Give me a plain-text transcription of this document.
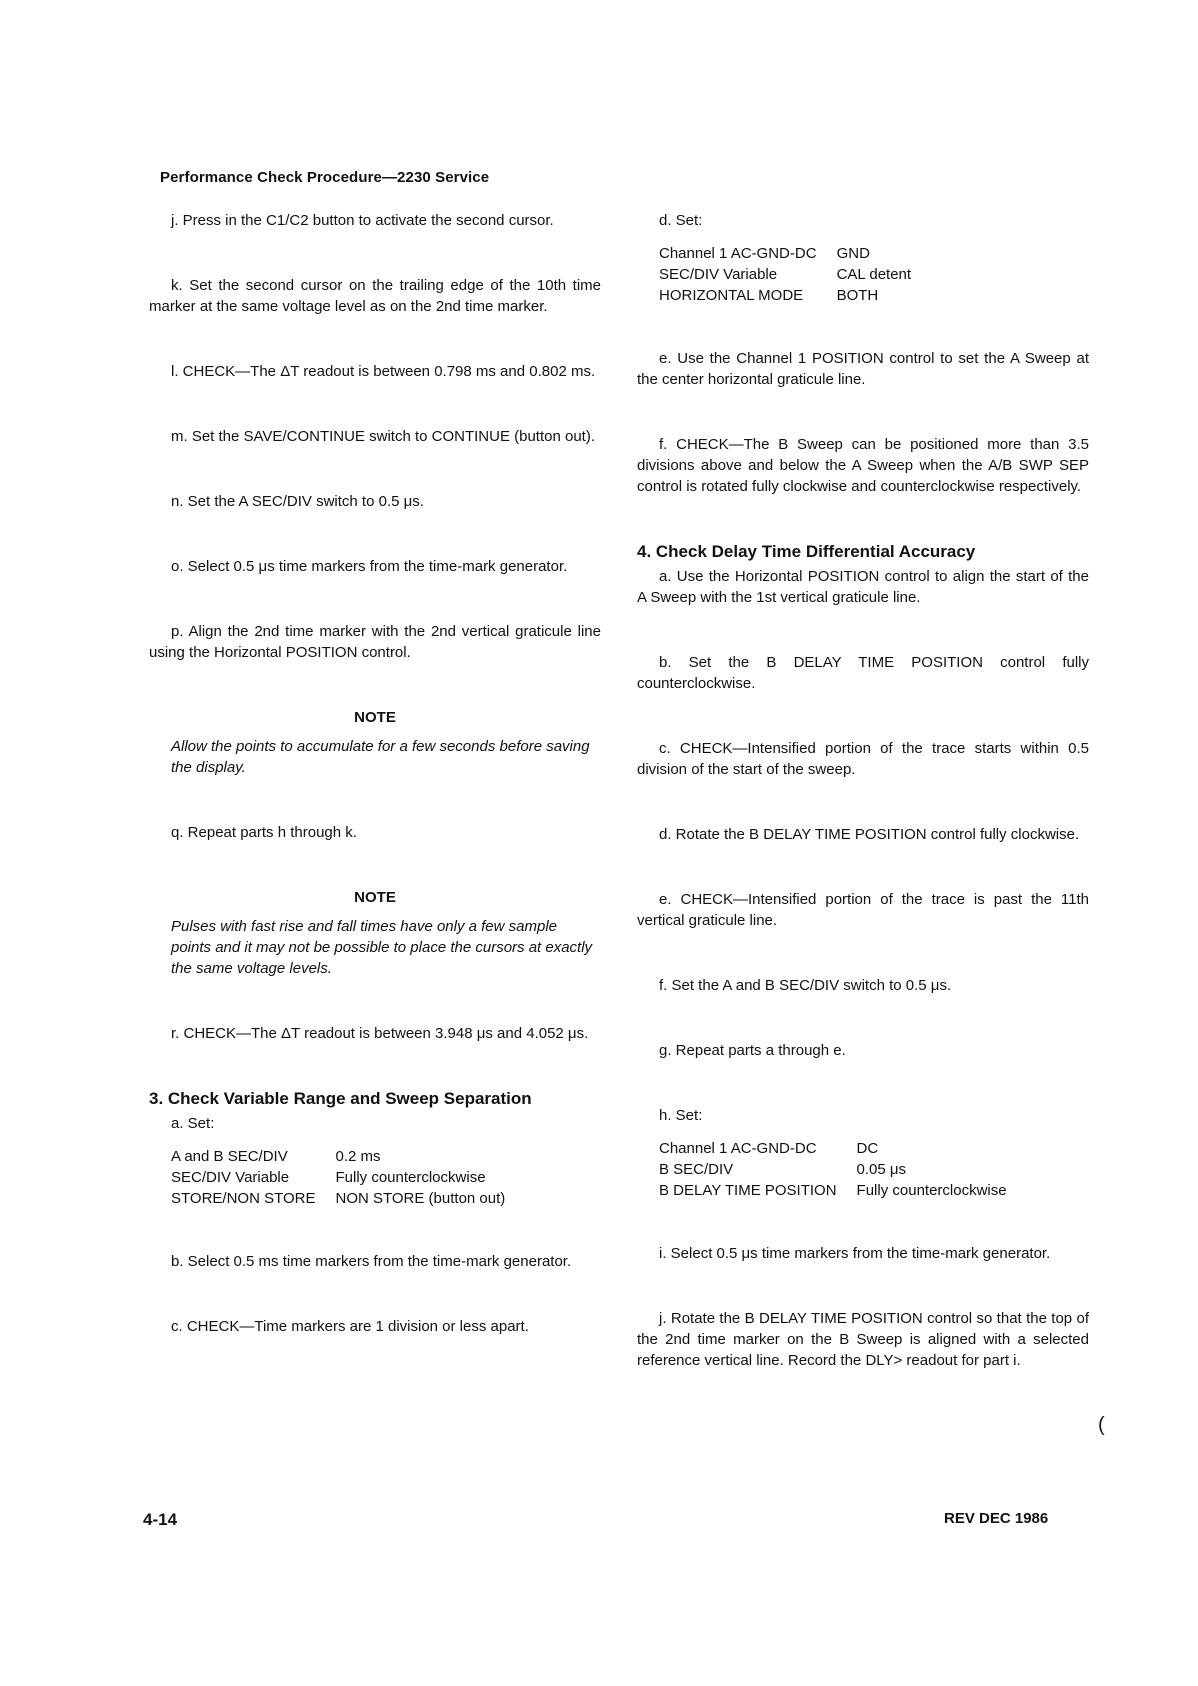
Performance Check Procedure—2230 Service

j. Press in the C1/C2 button to activate the second cursor.

k. Set the second cursor on the trailing edge of the 10th time marker at the same voltage level as on the 2nd time marker.

l. CHECK—The ΔT readout is between 0.798 ms and 0.802 ms.

m. Set the SAVE/CONTINUE switch to CONTINUE (button out).

n. Set the A SEC/DIV switch to 0.5 μs.

o. Select 0.5 μs time markers from the time-mark generator.

p. Align the 2nd time marker with the 2nd vertical graticule line using the Horizontal POSITION control.

NOTE
Allow the points to accumulate for a few seconds before saving the display.

q. Repeat parts h through k.

NOTE
Pulses with fast rise and fall times have only a few sample points and it may not be possible to place the cursors at exactly the same voltage levels.

r. CHECK—The ΔT readout is between 3.948 μs and 4.052 μs.

3. Check Variable Range and Sweep Separation
a. Set:
A and B SEC/DIV	0.2 ms
SEC/DIV Variable	Fully counterclockwise
STORE/NON STORE	NON STORE (button out)

b. Select 0.5 ms time markers from the time-mark generator.

c. CHECK—Time markers are 1 division or less apart.

d. Set:
Channel 1 AC-GND-DC	GND
SEC/DIV Variable	CAL detent
HORIZONTAL MODE	BOTH

e. Use the Channel 1 POSITION control to set the A Sweep at the center horizontal graticule line.

f. CHECK—The B Sweep can be positioned more than 3.5 divisions above and below the A Sweep when the A/B SWP SEP control is rotated fully clockwise and counterclockwise respectively.

4. Check Delay Time Differential Accuracy

a. Use the Horizontal POSITION control to align the start of the A Sweep with the 1st vertical graticule line.

b. Set the B DELAY TIME POSITION control fully counterclockwise.

c. CHECK—Intensified portion of the trace starts within 0.5 division of the start of the sweep.

d. Rotate the B DELAY TIME POSITION control fully clockwise.

e. CHECK—Intensified portion of the trace is past the 11th vertical graticule line.

f. Set the A and B SEC/DIV switch to 0.5 μs.

g. Repeat parts a through e.

h. Set:
Channel 1 AC-GND-DC	DC
B SEC/DIV	0.05 μs
B DELAY TIME POSITION	Fully counterclockwise

i. Select 0.5 μs time markers from the time-mark generator.

j. Rotate the B DELAY TIME POSITION control so that the top of the 2nd time marker on the B Sweep is aligned with a selected reference vertical line. Record the DLY> readout for part i.

(
4-14	REV DEC 1986
